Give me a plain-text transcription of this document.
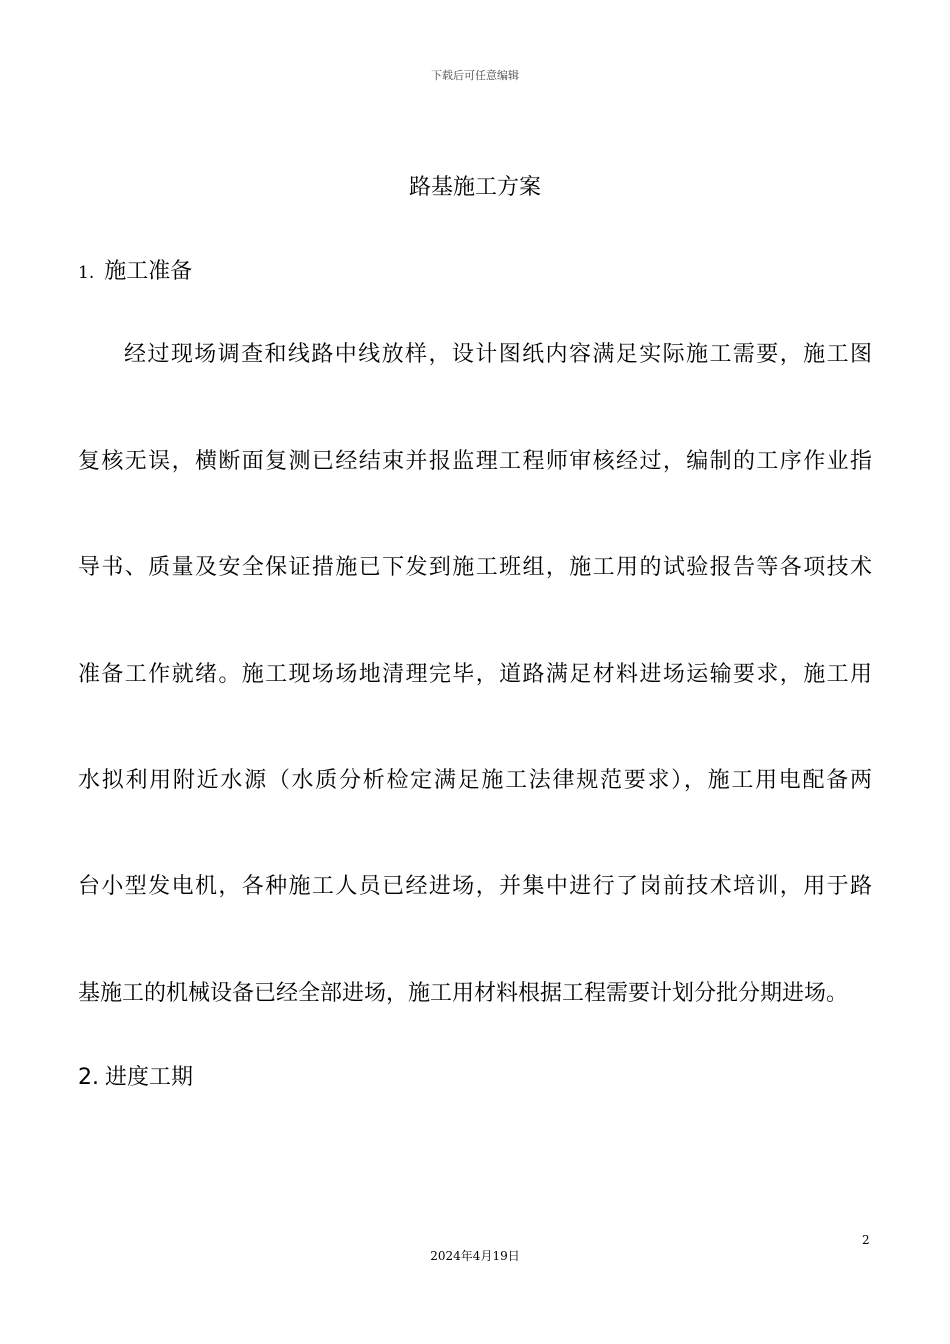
下载后可任意编辑
路基施工方案
1. 施工准备
经过现场调查和线路中线放样，设计图纸内容满足实际施工需要，施工图
复核无误，横断面复测已经结束并报监理工程师审核经过，编制的工序作业指
导书、质量及安全保证措施已下发到施工班组，施工用的试验报告等各项技术
准备工作就绪。施工现场场地清理完毕，道路满足材料进场运输要求，施工用
水拟利用附近水源（水质分析检定满足施工法律规范要求），施工用电配备两
台小型发电机，各种施工人员已经进场，并集中进行了岗前技术培训，用于路
基施工的机械设备已经全部进场，施工用材料根据工程需要计划分批分期进场。
2. 进度工期
2
2024年4月19日
